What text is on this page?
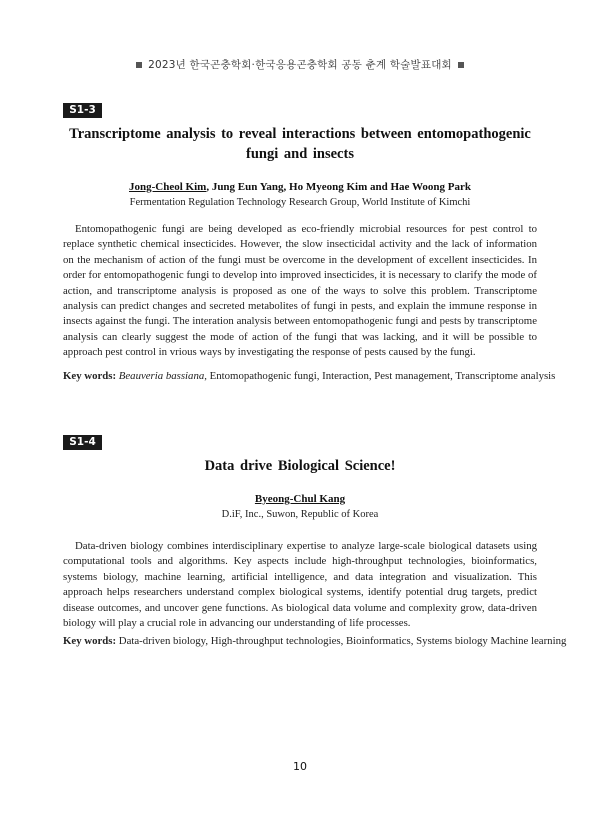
2023년 한국곤충학회·한국응용곤충학회 공동 춘계 학술발표대회
S1-3
Transcriptome analysis to reveal interactions between entomopathogenic
fungi and insects
Jong-Cheol Kim, Jung Eun Yang, Ho Myeong Kim and Hae Woong Park
Fermentation Regulation Technology Research Group, World Institute of Kimchi

Entomopathogenic fungi are being developed as eco-friendly microbial resources for pest control to replace synthetic chemical insecticides. However, the slow insecticidal activity and the lack of information on the mechanism of action of the fungi must be overcome in the development of excellent insecticides. In order for entomopathogenic fungi to develop into improved insecticides, it is necessary to clarify the mode of action, and transcriptome analysis is proposed as one of the ways to solve this problem. Transcriptome analysis can predict changes and secreted metabolites of fungi in pests, and explain the immune response in insects against the fungi. The interation analysis between entomopathogenic fungi and pests by transcriptome analysis can clearly suggest the mode of action of the fungi that was lacking, and it will be possible to approach pest control in vrious ways by investigating the response of pests caused by the fungi.

Key words: Beauveria bassiana, Entomopathogenic fungi, Interaction, Pest management, Transcriptome analysis
S1-4
Data drive Biological Science!
Byeong-Chul Kang
D.iF, Inc., Suwon, Republic of Korea

Data-driven biology combines interdisciplinary expertise to analyze large-scale biological datasets using computational tools and algorithms. Key aspects include high-throughput technologies, bioinformatics, systems biology, machine learning, artificial intelligence, and data integration and visualization. This approach helps researchers understand complex biological systems, identify potential drug targets, predict disease outcomes, and uncover gene functions. As biological data volume and complexity grow, data-driven biology will play a crucial role in advancing our understanding of life processes.

Key words: Data-driven biology, High-throughput technologies, Bioinformatics, Systems biology Machine learning
10
